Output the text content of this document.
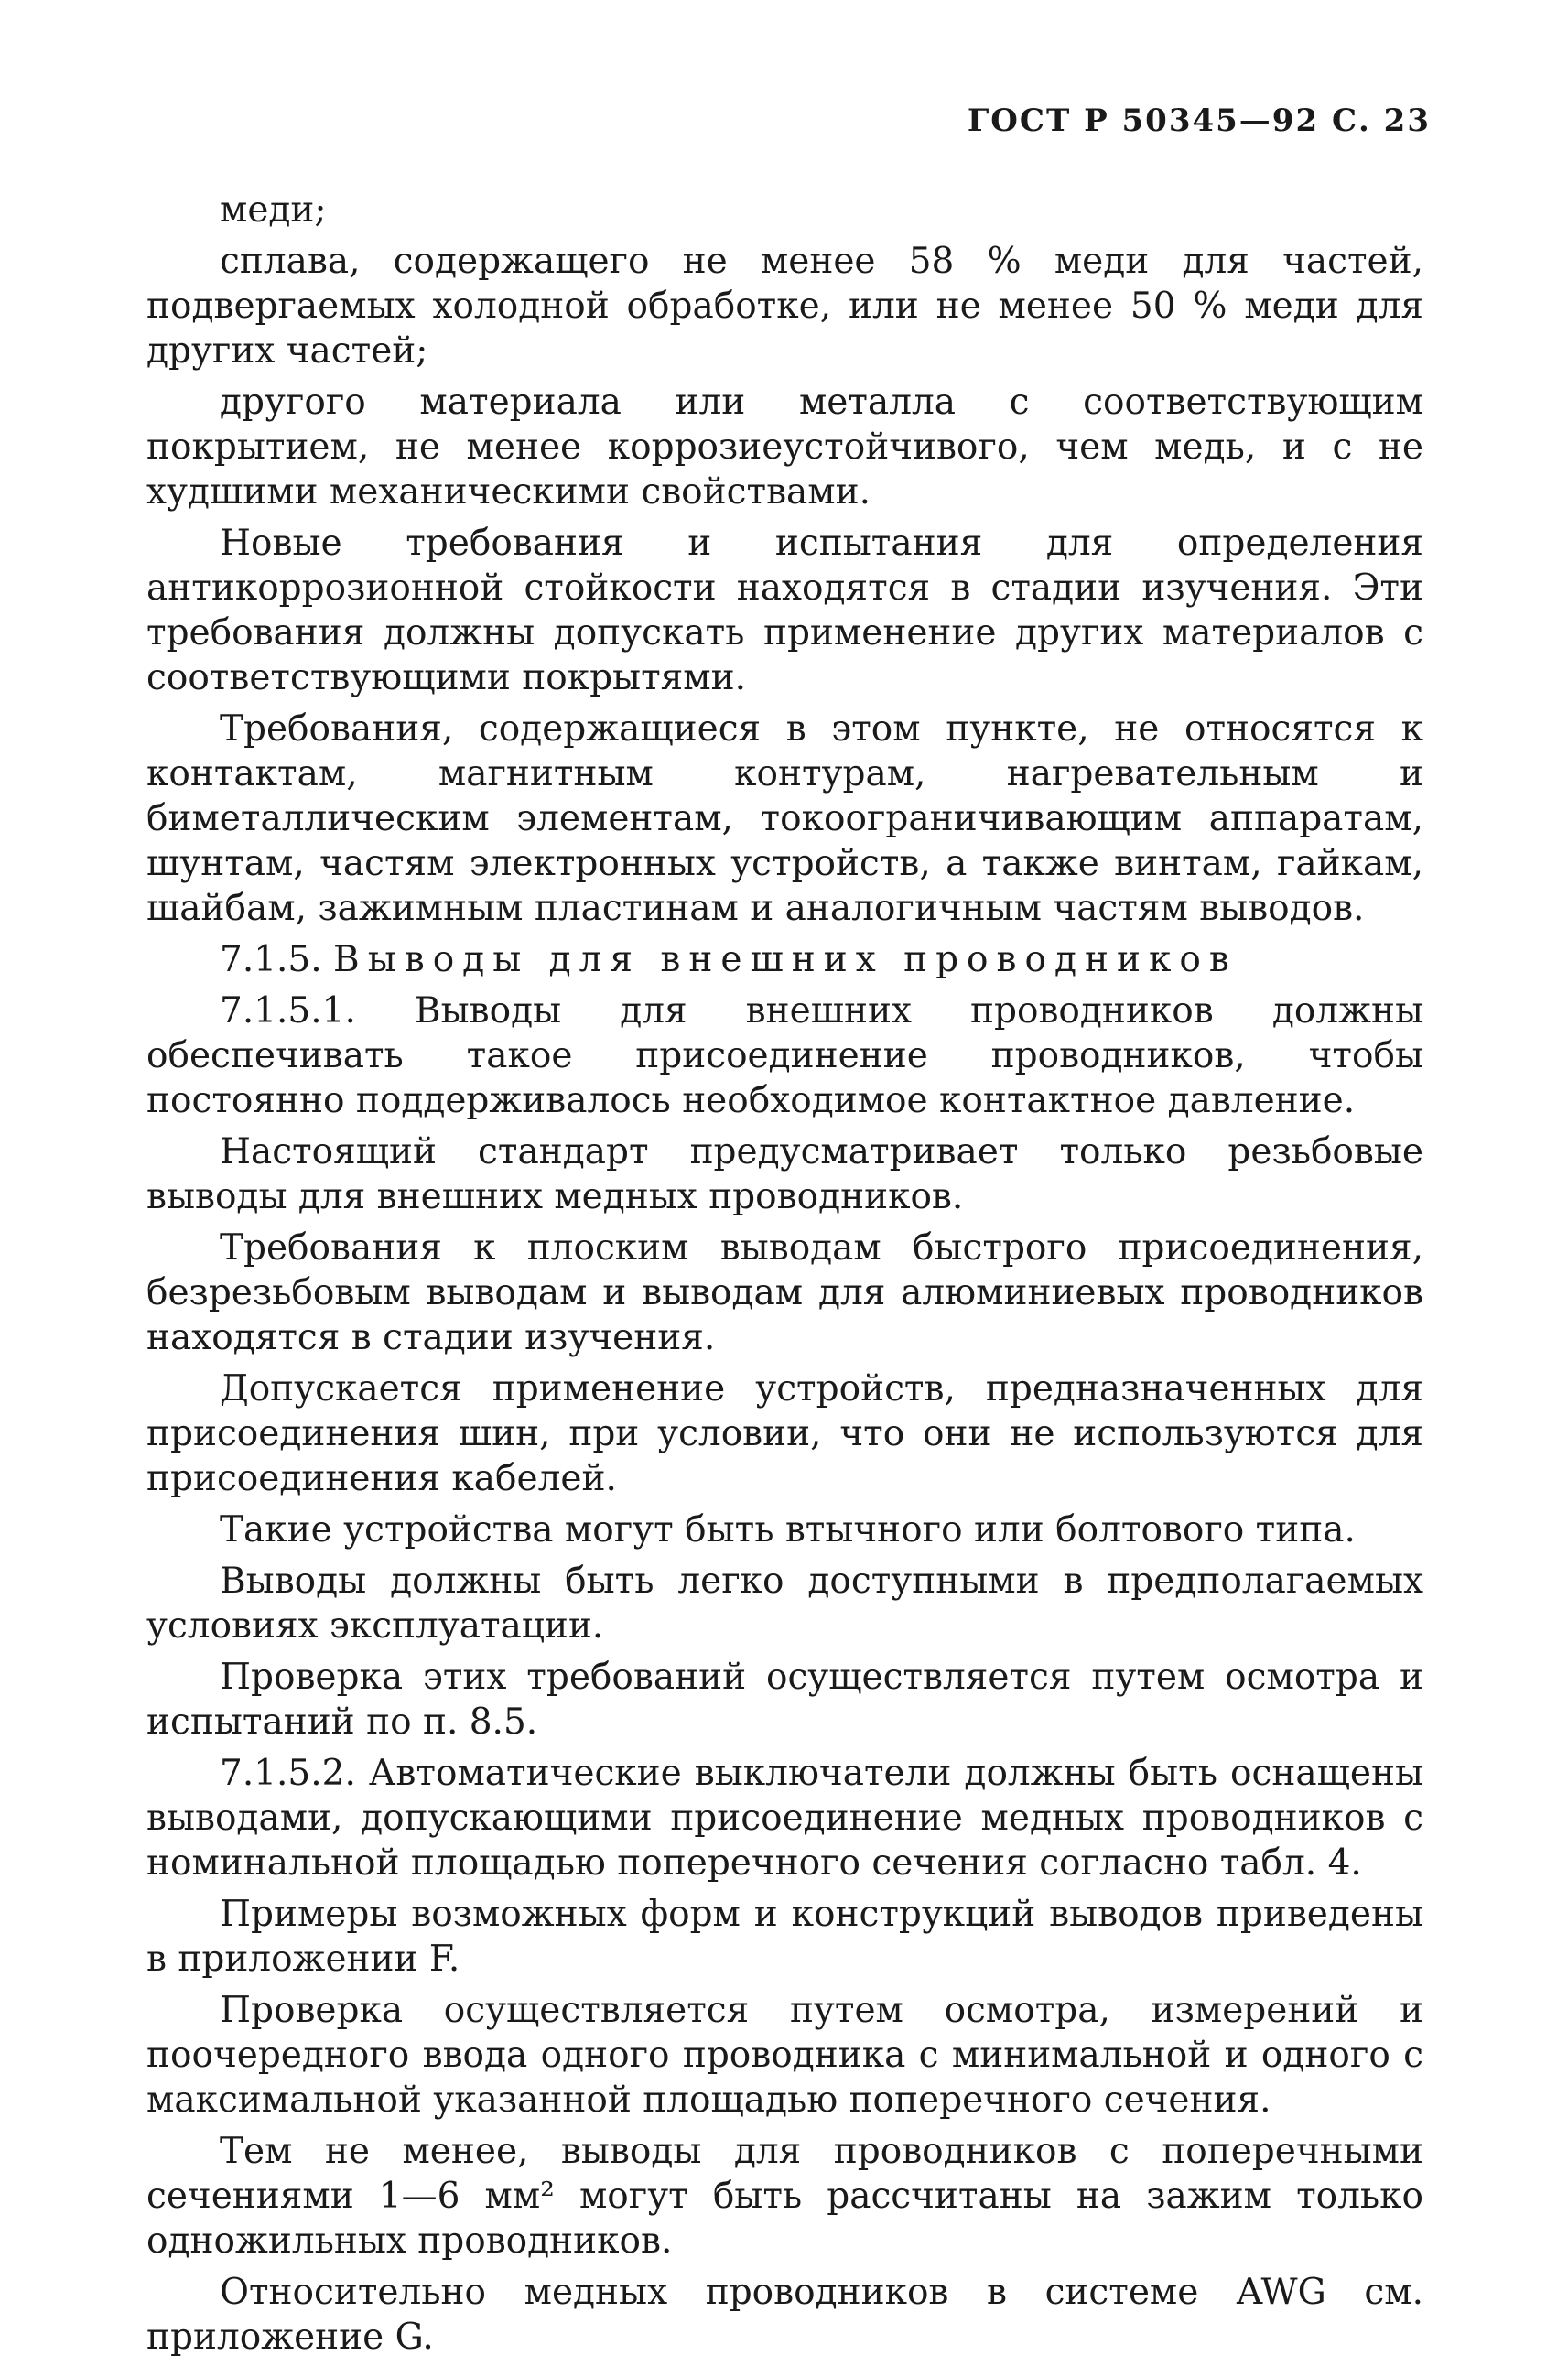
ГОСТ Р 50345—92 С. 23

меди;

сплава, содержащего не менее 58 % меди для частей, подвергаемых холодной обработке, или не менее 50 % меди для других частей;

другого материала или металла с соответствующим покрытием, не менее коррозиеустойчивого, чем медь, и с не худшими механическими свойствами.

Новые требования и испытания для определения антикоррозионной стойкости находятся в стадии изучения. Эти требования должны допускать применение других материалов с соответствующими покрытями.

Требования, содержащиеся в этом пункте, не относятся к контактам, магнитным контурам, нагревательным и биметаллическим элементам, токоограничивающим аппаратам, шунтам, частям электронных устройств, а также винтам, гайкам, шайбам, зажимным пластинам и аналогичным частям выводов.

7.1.5. Выводы для внешних проводников

7.1.5.1. Выводы для внешних проводников должны обеспечивать такое присоединение проводников, чтобы постоянно поддерживалось необходимое контактное давление.

Настоящий стандарт предусматривает только резьбовые выводы для внешних медных проводников.

Требования к плоским выводам быстрого присоединения, безрезьбовым выводам и выводам для алюминиевых проводников находятся в стадии изучения.

Допускается применение устройств, предназначенных для присоединения шин, при условии, что они не используются для присоединения кабелей.

Такие устройства могут быть втычного или болтового типа.

Выводы должны быть легко доступными в предполагаемых условиях эксплуатации.

Проверка этих требований осуществляется путем осмотра и испытаний по п. 8.5.

7.1.5.2. Автоматические выключатели должны быть оснащены выводами, допускающими присоединение медных проводников с номинальной площадью поперечного сечения согласно табл. 4.

Примеры возможных форм и конструкций выводов приведены в приложении F.

Проверка осуществляется путем осмотра, измерений и поочередного ввода одного проводника с минимальной и одного с максимальной указанной площадью поперечного сечения.

Тем не менее, выводы для проводников с поперечными сечениями 1—6 мм² могут быть рассчитаны на зажим только одножильных проводников.

Относительно медных проводников в системе AWG см. приложение G.
